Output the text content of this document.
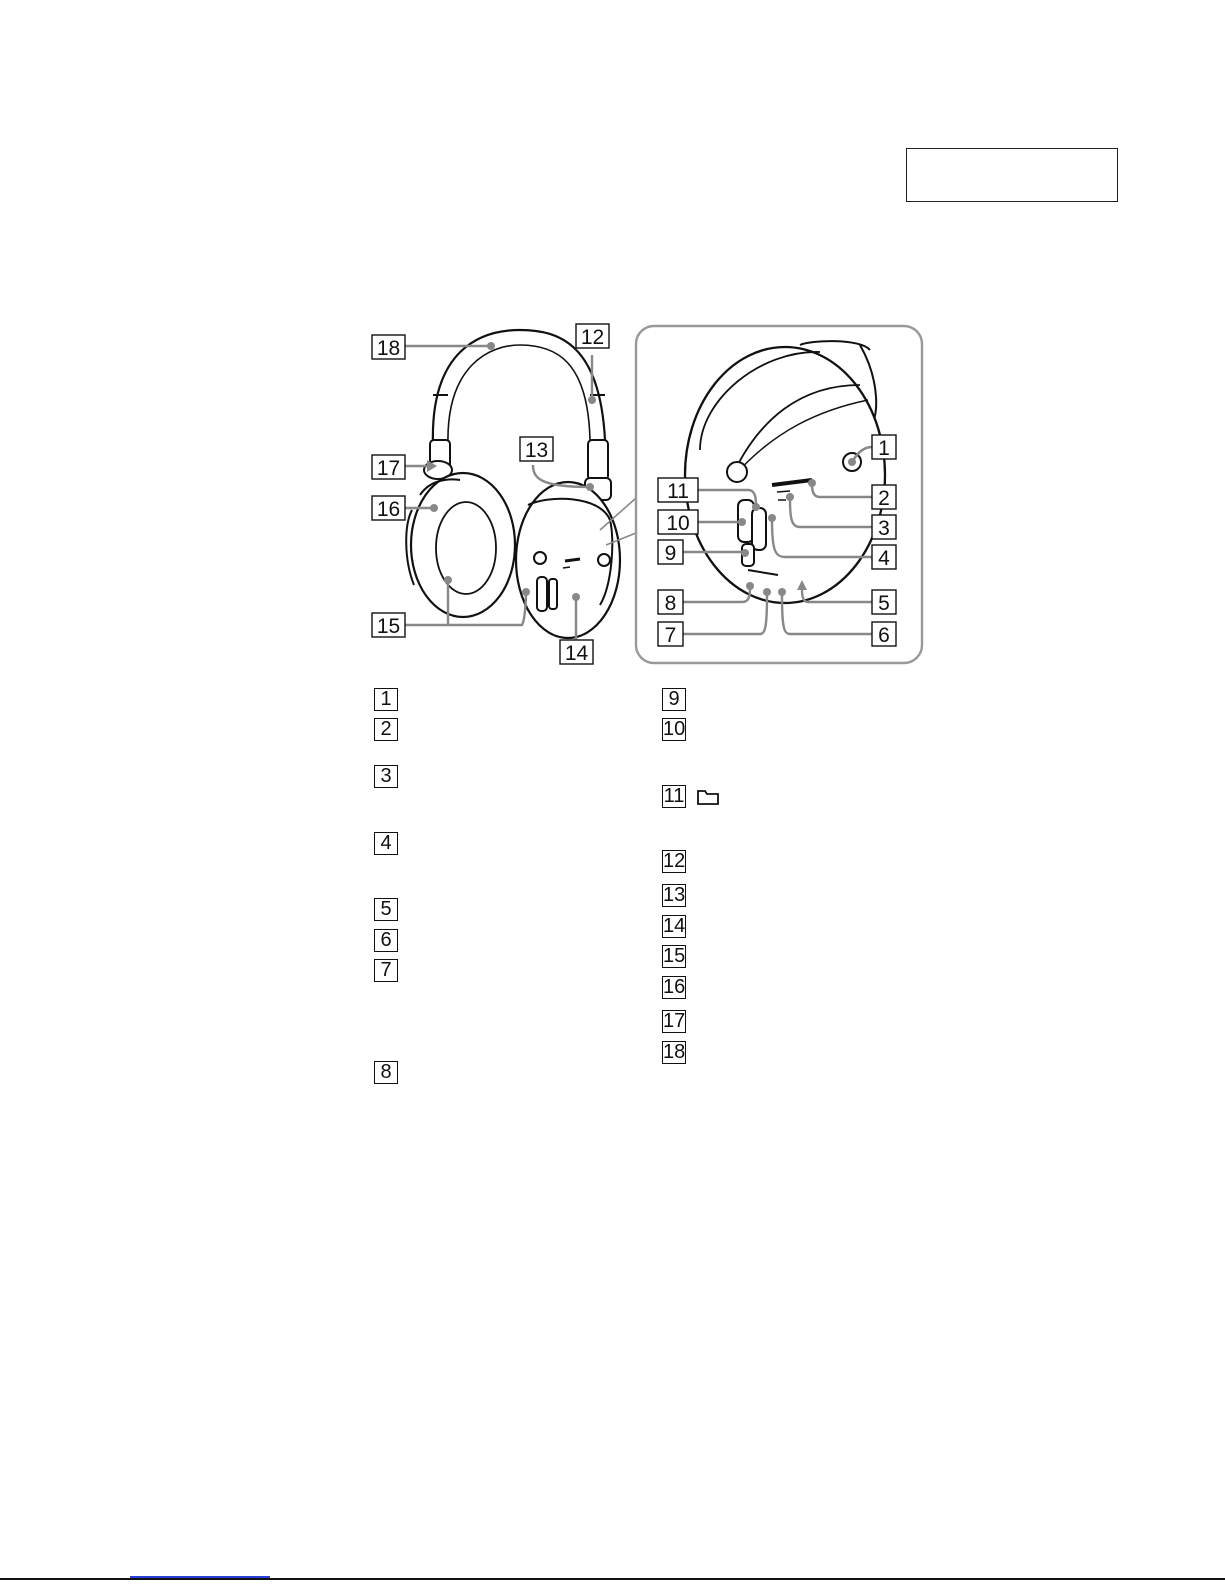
18	12
13
17
16
15
14
1
2
3
4
5
6
11
10
9
8
7
1
2
3
4
5
6
7
8
9
10
11
12
13
14
15
16
17
18
